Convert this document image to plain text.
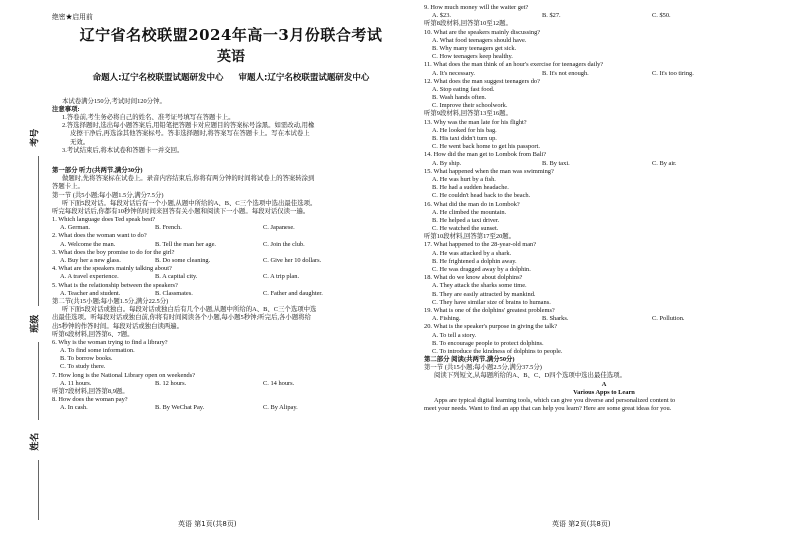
考号
班级
姓名
绝密★启用前
辽宁省名校联盟2024年高一3月份联合考试
英语
命题人:辽宁名校联盟试题研发中心 审题人:辽宁名校联盟试题研发中心
本试卷满分150分,考试时间120分钟。
注意事项:
1.答卷前,考生务必将自己的姓名、准考证号填写在答题卡上。
2.答选择题时,选出每小题答案后,用铅笔把答题卡对应题目的答案标号涂黑。如需改动,用橡
皮擦干净后,再选涂其他答案标号。答非选择题时,将答案写在答题卡上。写在本试卷上
无效。
3.考试结束后,将本试卷和答题卡一并交回。
第一部分 听力(共两节,满分30分)
做题时,先将答案标在试卷上。录音内容结束后,你将有两分钟的时间将试卷上的答案转涂到
答题卡上。
第一节 (共5小题;每小题1.5分,满分7.5分)
听下面5段对话。每段对话后有一个小题,从题中所给的A、B、C三个选项中选出最佳选项。
听完每段对话后,你都有10秒钟的时间来回答有关小题和阅读下一小题。每段对话仅读一遍。
1. Which language does Ted speak best?
A. German.	B. French.	C. Japanese.
2. What does the woman want to do?
A. Welcome the man.	B. Tell the man her age.	C. Join the club.
3. What does the boy promise to do for the girl?
A. Buy her a new glass.	B. Do some cleaning.	C. Give her 10 dollars.
4. What are the speakers mainly talking about?
A. A travel experience.	B. A capital city.	C. A trip plan.
5. What is the relationship between the speakers?
A. Teacher and student.	B. Classmates.	C. Father and daughter.
第二节(共15小题;每小题1.5分,满分22.5分)
听下面5段对话或独白。每段对话或独白后有几个小题,从题中所给的A、B、C三个选项中选
出最佳选项。听每段对话或独白前,你将有时间阅读各个小题,每小题5秒钟;听完后,各小题将给
出5秒钟的作答时间。每段对话或独白读两遍。
听第6段材料,回答第6、7题。
6. Why is the woman trying to find a library?
A. To find some information.
B. To borrow books.
C. To study there.
7. How long is the National Library open on weekends?
A. 11 hours.	B. 12 hours.	C. 14 hours.
听第7段材料,回答第8,9题。
8. How does the woman pay?
A. In cash.	B. By WeChat Pay.	C. By Alipay.
9. How much money will the waiter get?
A. $23.	B. $27.	C. $50.
听第8段材料,回答第10至12题。
10. What are the speakers mainly discussing?
A. What food teenagers should have.
B. Why many teenagers get sick.
C. How teenagers keep healthy.
11. What does the man think of an hour's exercise for teenagers daily?
A. It's necessary.	B. It's not enough.	C. It's too tiring.
12. What does the man suggest teenagers do?
A. Stop eating fast food.
B. Wash hands often.
C. Improve their schoolwork.
听第9段材料,回答第13至16题。
13. Why was the man late for his flight?
A. He looked for his bag.
B. His taxi didn't turn up.
C. He went back home to get his passport.
14. How did the man get to Lombok from Bali?
A. By ship.	B. By taxi.	C. By air.
15. What happened when the man was swimming?
A. He was hurt by a fish.
B. He had a sudden headache.
C. He couldn't head back to the beach.
16. What did the man do in Lombok?
A. He climbed the mountain.
B. He helped a taxi driver.
C. He watched the sunset.
听第10段材料,回答第17至20题。
17. What happened to the 28-year-old man?
A. He was attacked by a shark.
B. He frightened a dolphin away.
C. He was dragged away by a dolphin.
18. What do we know about dolphins?
A. They attack the sharks some time.
B. They are easily attracted by mankind.
C. They have similar size of brains to humans.
19. What is one of the dolphins' greatest problems?
A. Fishing.	B. Sharks.	C. Pollution.
20. What is the speaker's purpose in giving the talk?
A. To tell a story.
B. To encourage people to protect dolphins.
C. To introduce the kindness of dolphins to people.
第二部分 阅读(共两节,满分50分)
第一节 (共15小题;每小题2.5分,满分37.5分)
阅读下列短文,从每题所给的A、B、C、D四个选项中选出最佳选项。
A
Various Apps to Learn
Apps are typical digital learning tools, which can give you diverse and personalized content to
meet your needs. Want to find an app that can help you learn? Here are some great ideas for you.
英语 第1页(共8页)	英语 第2页(共8页)
